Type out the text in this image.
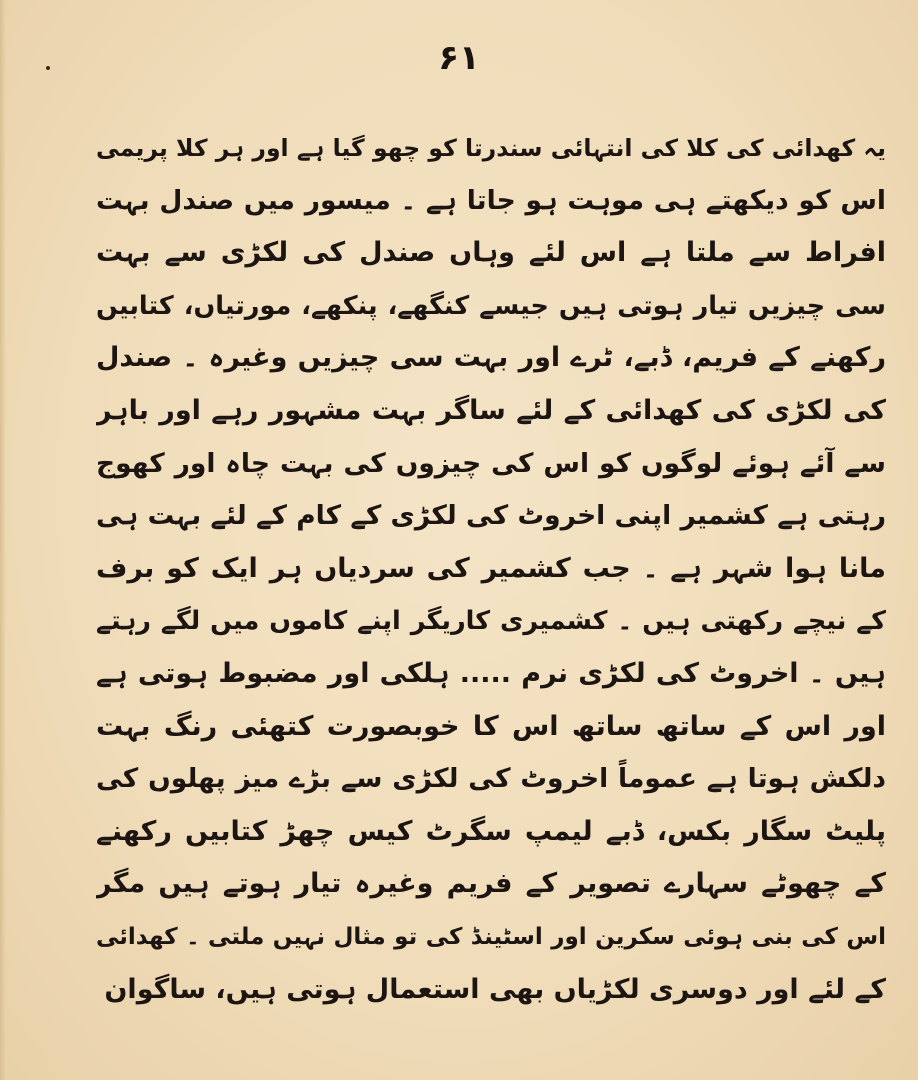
۶۱
یہ کھدائی کی کلا کی انتہائی سندرتا کو چھو گیا ہے اور ہر کلا پریمی
اس کو دیکھتے ہی موہت ہو جاتا ہے ۔ میسور میں صندل بہت
افراط سے ملتا ہے اس لئے وہاں صندل کی لکڑی سے بہت
سی چیزیں تیار ہوتی ہیں جیسے کنگھے، پنکھے، مورتیاں، کتابیں
رکھنے کے فریم، ڈبے، ٹرے اور بہت سی چیزیں وغیرہ ۔ صندل
کی لکڑی کی کھدائی کے لئے ساگر بہت مشہور رہے اور باہر
سے آئے ہوئے لوگوں کو اس کی چیزوں کی بہت چاہ اور کھوج
رہتی ہے کشمیر اپنی اخروٹ کی لکڑی کے کام کے لئے بہت ہی
مانا ہوا شہر ہے ۔ جب کشمیر کی سردیاں ہر ایک کو برف
کے نیچے رکھتی ہیں ۔ کشمیری کاریگر اپنے کاموں میں لگے رہتے
ہیں ۔ اخروٹ کی لکڑی نرم ..... ہلکی اور مضبوط ہوتی ہے
اور اس کے ساتھ ساتھ اس کا خوبصورت کتھئی رنگ بہت
دلکش ہوتا ہے عموماً اخروٹ کی لکڑی سے بڑے میز پھلوں کی
پلیٹ سگار بکس، ڈبے لیمپ سگرٹ کیس چھڑ کتابیں رکھنے
کے چھوٹے سہارے تصویر کے فریم وغیرہ تیار ہوتے ہیں مگر
اس کی بنی ہوئی سکرین اور اسٹینڈ کی تو مثال نہیں ملتی ۔ کھدائی
کے لئے اور دوسری لکڑیاں بھی استعمال ہوتی ہیں، ساگوان
